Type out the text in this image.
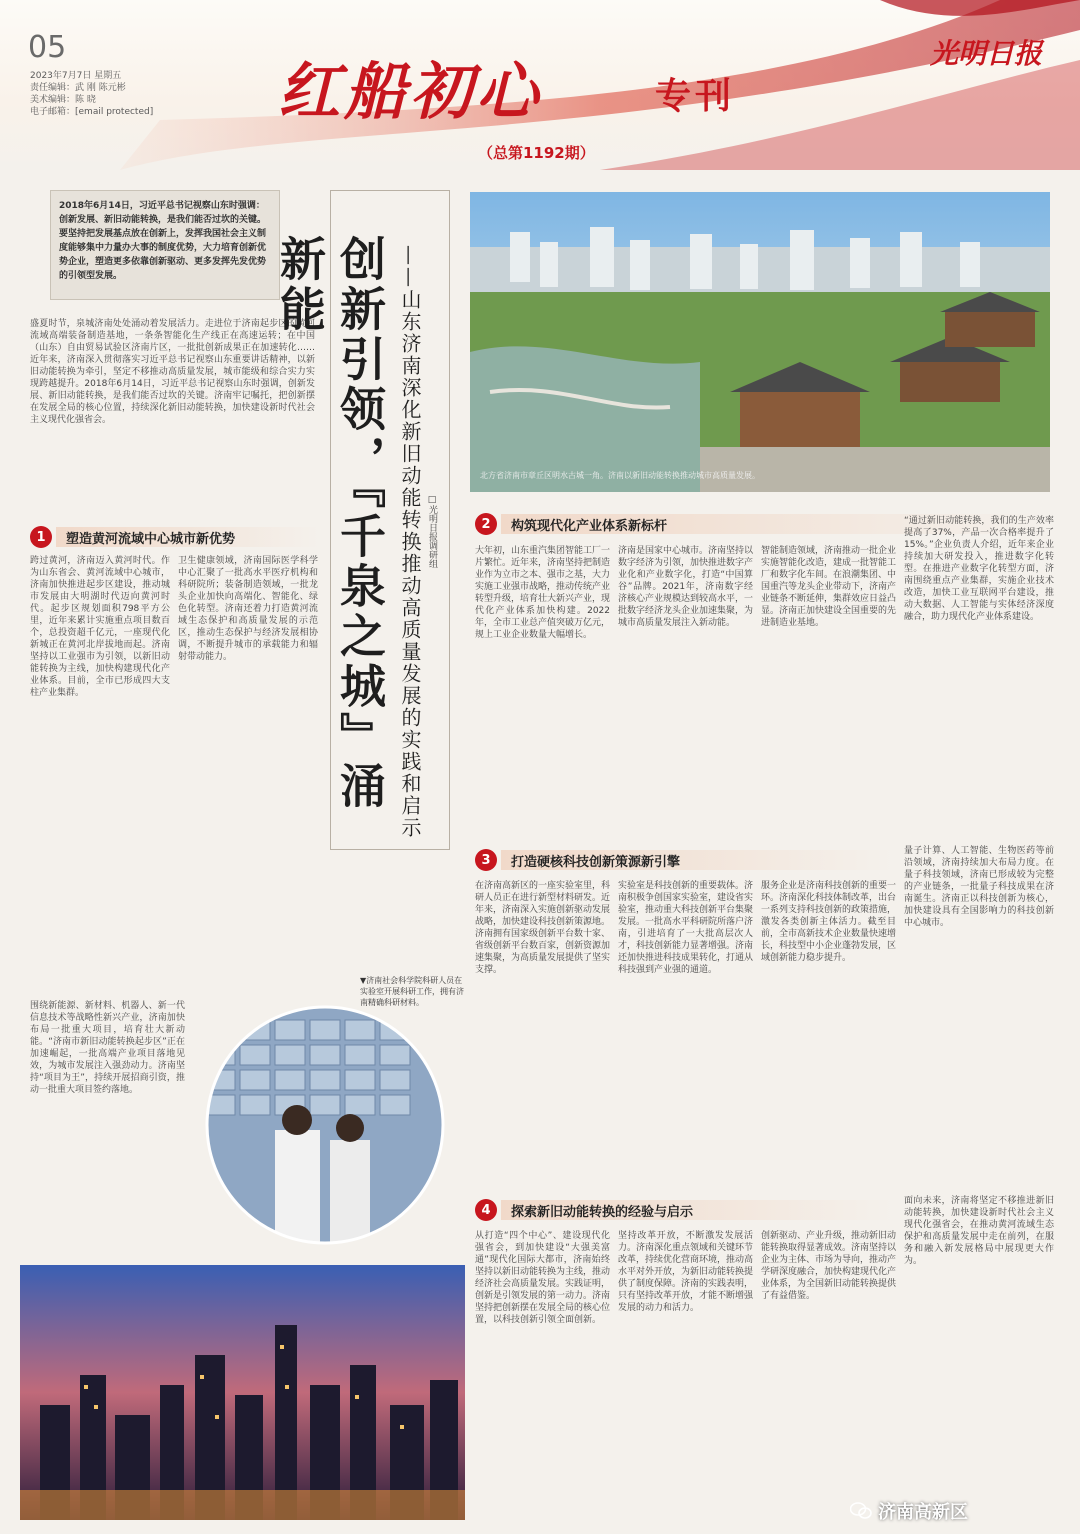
05
2023年7月7日 星期五
责任编辑：武 刚 陈元彬
美术编辑：陈 晓
电子邮箱：[email protected] 红船初心	专刊
光明日报
（总第1192期）
2018年6月14日，习近平总书记视察山东时强调：创新发展、新旧动能转换，是我们能否过坎的关键。要坚持把发展基点放在创新上，发挥我国社会主义制度能够集中力量办大事的制度优势，大力培育创新优势企业，塑造更多依靠创新驱动、更多发挥先发优势的引领型发展。
盛夏时节，泉城济南处处涌动着发展活力。走进位于济南起步区的黄河流域高端装备制造基地，一条条智能化生产线正在高速运转；在中国（山东）自由贸易试验区济南片区，一批批创新成果正在加速转化……近年来，济南深入贯彻落实习近平总书记视察山东重要讲话精神，以新旧动能转换为牵引，坚定不移推动高质量发展，城市能级和综合实力实现跨越提升。2018年6月14日，习近平总书记视察山东时强调，创新发展、新旧动能转换，是我们能否过坎的关键。济南牢记嘱托，把创新摆在发展全局的核心位置，持续深化新旧动能转换，加快建设新时代社会主义现代化强省会。	创新引领，『千泉之城』涌新能	——山东济南深化新旧动能转换推动高质量发展的实践和启示 □光明日报调研组
北方省济南市章丘区明水古城一角。济南以新旧动能转换推动城市高质量发展。
1	塑造黄河流域中心城市新优势
跨过黄河，济南迈入黄河时代。作为山东省会、黄河流域中心城市，济南加快推进起步区建设，推动城市发展由大明湖时代迈向黄河时代。起步区规划面积798平方公里，近年来累计实施重点项目数百个，总投资超千亿元，一座现代化新城正在黄河北岸拔地而起。济南坚持以工业强市为引领，以新旧动能转换为主线，加快构建现代化产业体系。目前，全市已形成四大支柱产业集群。
卫生健康领域，济南国际医学科学中心汇聚了一批高水平医疗机构和科研院所；装备制造领域，一批龙头企业加快向高端化、智能化、绿色化转型。济南还着力打造黄河流域生态保护和高质量发展的示范区，推动生态保护与经济发展相协调，不断提升城市的承载能力和辐射带动能力。
围绕新能源、新材料、机器人、新一代信息技术等战略性新兴产业，济南加快布局一批重大项目，培育壮大新动能。“济南市新旧动能转换起步区”正在加速崛起，一批高端产业项目落地见效，为城市发展注入强劲动力。济南坚持“项目为王”，持续开展招商引资，推动一批重大项目签约落地。
▼济南社会科学院科研人员在实验室开展科研工作，拥有济南精确科研材料。
2	构筑现代化产业体系新标杆
大年初，山东重汽集团智能工厂一片繁忙。近年来，济南坚持把制造业作为立市之本、强市之基，大力实施工业强市战略，推动传统产业转型升级，培育壮大新兴产业，现代化产业体系加快构建。2022年，全市工业总产值突破万亿元，规上工业企业数量大幅增长。
济南是国家中心城市。济南坚持以数字经济为引领，加快推进数字产业化和产业数字化，打造“中国算谷”品牌。2021年，济南数字经济核心产业规模达到较高水平，一批数字经济龙头企业加速集聚，为城市高质量发展注入新动能。
智能制造领域，济南推动一批企业实施智能化改造，建成一批智能工厂和数字化车间。在浪潮集团、中国重汽等龙头企业带动下，济南产业链条不断延伸，集群效应日益凸显。济南正加快建设全国重要的先进制造业基地。
“通过新旧动能转换，我们的生产效率提高了37%，产品一次合格率提升了15%。”企业负责人介绍，近年来企业持续加大研发投入，推进数字化转型。在推进产业数字化转型方面，济南围绕重点产业集群，实施企业技术改造，加快工业互联网平台建设，推动大数据、人工智能与实体经济深度融合，助力现代化产业体系建设。
3	打造硬核科技创新策源新引擎
在济南高新区的一座实验室里，科研人员正在进行新型材料研发。近年来，济南深入实施创新驱动发展战略，加快建设科技创新策源地。济南拥有国家级创新平台数十家、省级创新平台数百家，创新资源加速集聚，为高质量发展提供了坚实支撑。
实验室是科技创新的重要载体。济南积极争创国家实验室，建设省实验室，推动重大科技创新平台集聚发展。一批高水平科研院所落户济南，引进培育了一大批高层次人才，科技创新能力显著增强。济南还加快推进科技成果转化，打通从科技强到产业强的通道。
服务企业是济南科技创新的重要一环。济南深化科技体制改革，出台一系列支持科技创新的政策措施，激发各类创新主体活力。截至目前，全市高新技术企业数量快速增长，科技型中小企业蓬勃发展，区域创新能力稳步提升。
量子计算、人工智能、生物医药等前沿领域，济南持续加大布局力度。在量子科技领域，济南已形成较为完整的产业链条，一批量子科技成果在济南诞生。济南正以科技创新为核心，加快建设具有全国影响力的科技创新中心城市。
4	探索新旧动能转换的经验与启示
从打造“四个中心”、建设现代化强省会，到加快建设“大强美富通”现代化国际大都市，济南始终坚持以新旧动能转换为主线，推动经济社会高质量发展。实践证明，创新是引领发展的第一动力。济南坚持把创新摆在发展全局的核心位置，以科技创新引领全面创新。
坚持改革开放，不断激发发展活力。济南深化重点领域和关键环节改革，持续优化营商环境，推动高水平对外开放，为新旧动能转换提供了制度保障。济南的实践表明，只有坚持改革开放，才能不断增强发展的动力和活力。
创新驱动、产业升级，推动新旧动能转换取得显著成效。济南坚持以企业为主体、市场为导向，推动产学研深度融合，加快构建现代化产业体系，为全国新旧动能转换提供了有益借鉴。
面向未来，济南将坚定不移推进新旧动能转换，加快建设新时代社会主义现代化强省会，在推动黄河流域生态保护和高质量发展中走在前列，在服务和融入新发展格局中展现更大作为。
济南高新区
